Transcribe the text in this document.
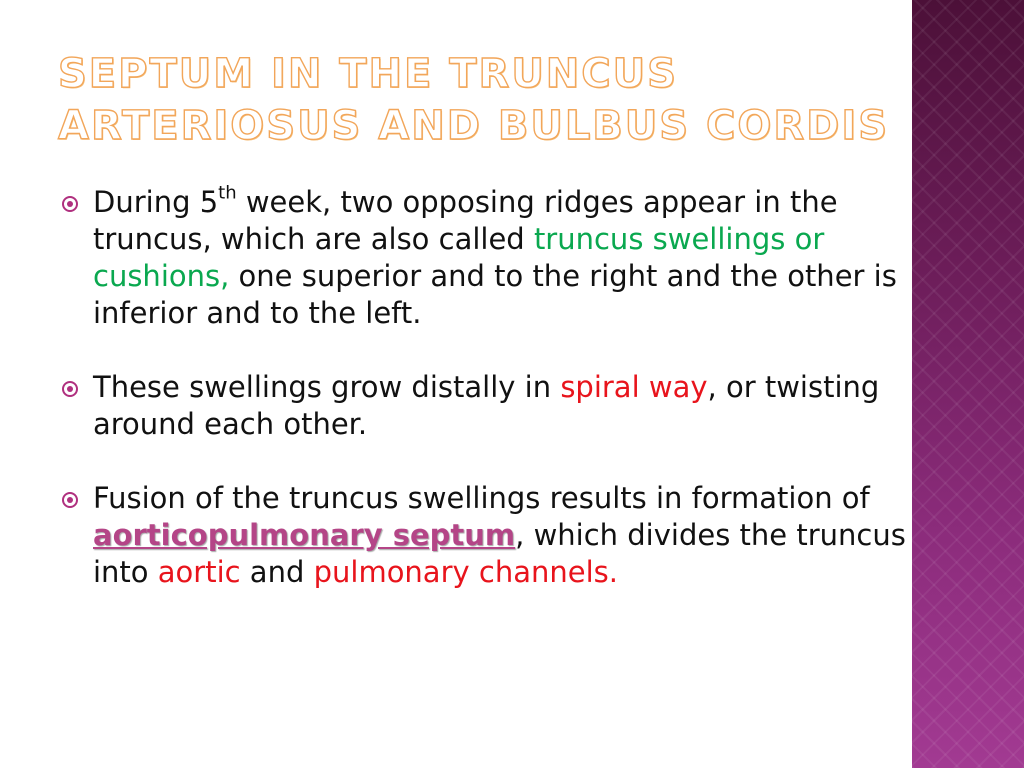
SEPTUM IN THE TRUNCUS ARTERIOSUS AND BULBUS CORDIS
During 5th week, two opposing ridges appear in the truncus, which are also called truncus swellings or cushions, one superior and to the right and the other is inferior and to the left.
These swellings grow distally in spiral way, or twisting around each other.
Fusion of the truncus swellings results in formation of aorticopulmonary septum, which divides the truncus into aortic and pulmonary channels.
